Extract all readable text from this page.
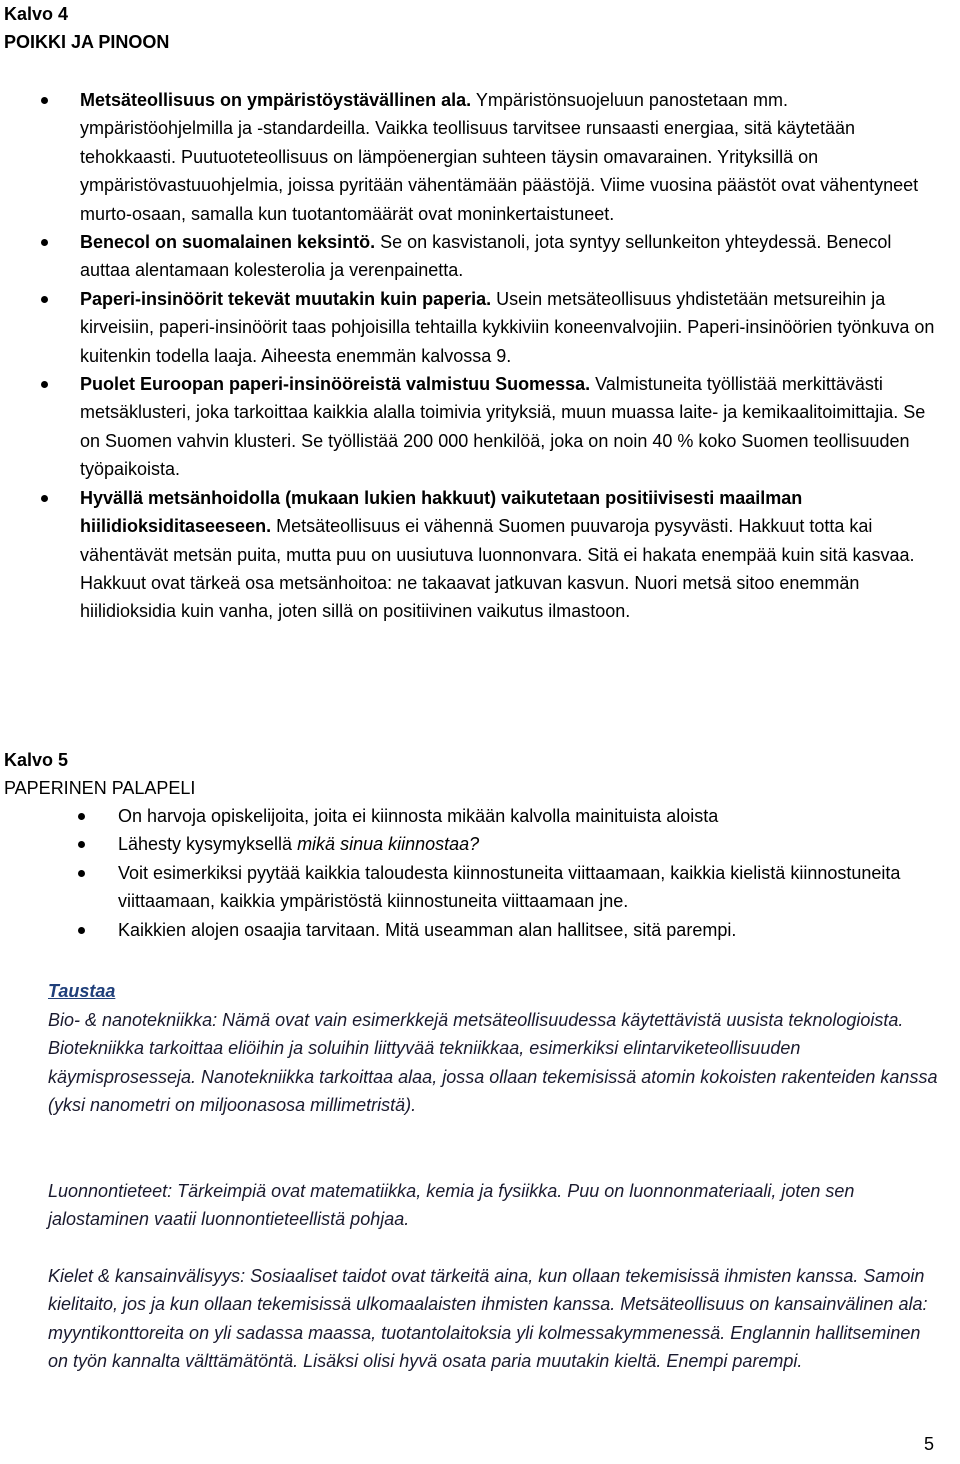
Kalvo 4
POIKKI JA PINOON
Metsäteollisuus on ympäristöystävällinen ala. Ympäristönsuojeluun panostetaan mm. ympäristöohjelmilla ja -standardeilla. Vaikka teollisuus tarvitsee runsaasti energiaa, sitä käytetään tehokkaasti. Puutuoteteollisuus on lämpöenergian suhteen täysin omavarainen. Yrityksillä on ympäristövastuuohjelmia, joissa pyritään vähentämään päästöjä. Viime vuosina päästöt ovat vähentyneet murto-osaan, samalla kun tuotantomäärät ovat moninkertaistuneet.
Benecol on suomalainen keksintö. Se on kasvistanoli, jota syntyy sellunkeiton yhteydessä. Benecol auttaa alentamaan kolesterolia ja verenpainetta.
Paperi-insinöörit tekevät muutakin kuin paperia. Usein metsäteollisuus yhdistetään metsureihin ja kirveisiin, paperi-insinöörit taas pohjoisilla tehtailla kykkiviin koneenvalvojiin. Paperi-insinöörien työnkuva on kuitenkin todella laaja. Aiheesta enemmän kalvossa 9.
Puolet Euroopan paperi-insinööreistä valmistuu Suomessa. Valmistuneita työllistää merkittävästi metsäklusteri, joka tarkoittaa kaikkia alalla toimivia yrityksiä, muun muassa laite- ja kemikaalitoimittajia. Se on Suomen vahvin klusteri. Se työllistää 200 000 henkilöä, joka on noin 40 % koko Suomen teollisuuden työpaikoista.
Hyvällä metsänhoidolla (mukaan lukien hakkuut) vaikutetaan positiivisesti maailman hiilidioksiditaseeseen. Metsäteollisuus ei vähennä Suomen puuvaroja pysyvästi. Hakkuut totta kai vähentävät metsän puita, mutta puu on uusiutuva luonnonvara. Sitä ei hakata enempää kuin sitä kasvaa. Hakkuut ovat tärkeä osa metsänhoitoa: ne takaavat jatkuvan kasvun. Nuori metsä sitoo enemmän hiilidioksidia kuin vanha, joten sillä on positiivinen vaikutus ilmastoon.
Kalvo 5
PAPERINEN PALAPELI
On harvoja opiskelijoita, joita ei kiinnosta mikään kalvolla mainituista aloista
Lähesty kysymyksellä mikä sinua kiinnostaa?
Voit esimerkiksi pyytää kaikkia taloudesta kiinnostuneita viittaamaan, kaikkia kielistä kiinnostuneita viittaamaan, kaikkia ympäristöstä kiinnostuneita viittaamaan jne.
Kaikkien alojen osaajia tarvitaan. Mitä useamman alan hallitsee, sitä parempi.

Taustaa

Bio- & nanotekniikka: Nämä ovat vain esimerkkejä metsäteollisuudessa käytettävistä uusista teknologioista. Biotekniikka tarkoittaa eliöihin ja soluihin liittyvää tekniikkaa, esimerkiksi elintarviketeollisuuden käymisprosesseja. Nanotekniikka tarkoittaa alaa, jossa ollaan tekemisissä atomin kokoisten rakenteiden kanssa (yksi nanometri on miljoonasosa millimetristä).

Luonnontieteet: Tärkeimpiä ovat matematiikka, kemia ja fysiikka. Puu on luonnonmateriaali, joten sen jalostaminen vaatii luonnontieteellistä pohjaa.

Kielet & kansainvälisyys: Sosiaaliset taidot ovat tärkeitä aina, kun ollaan tekemisissä ihmisten kanssa. Samoin kielitaito, jos ja kun ollaan tekemisissä ulkomaalaisten ihmisten kanssa. Metsäteollisuus on kansainvälinen ala: myyntikonttoreita on yli sadassa maassa, tuotantolaitoksia yli kolmessakymmenessä. Englannin hallitseminen on työn kannalta välttämätöntä. Lisäksi olisi hyvä osata paria muutakin kieltä. Enempi parempi.

5
